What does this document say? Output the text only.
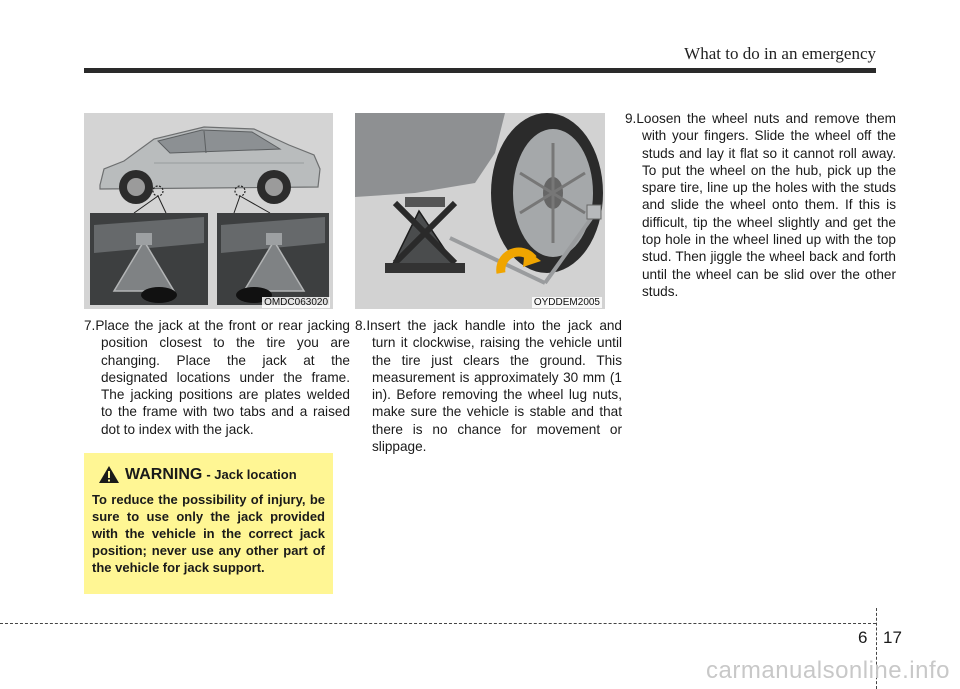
What to do in an emergency
OMDC063020	OYDDEM2005
7.Place the jack at the front or rear jacking position closest to the tire you are changing. Place the jack at the designated locations under the frame. The jacking positions are plates welded to the frame with two tabs and a raised dot to index with the jack.
8.Insert the jack handle into the jack and turn it clockwise, raising the vehicle until the tire just clears the ground. This measurement is approximately 30 mm (1 in). Before removing the wheel lug nuts, make sure the vehicle is stable and that there is no chance for movement or slippage.
9.Loosen the wheel nuts and remove them with your fingers. Slide the wheel off the studs and lay it flat so it cannot roll away. To put the wheel on the hub, pick up the spare tire, line up the holes with the studs and slide the wheel onto them. If this is difficult, tip the wheel slightly and get the top hole in the wheel lined up with the top stud. Then jiggle the wheel back and forth until the wheel can be slid over the other studs.
WARNING - Jack location
To reduce the possibility of injury, be sure to use only the jack provided with the vehicle in the correct jack position; never use any other part of the vehicle for jack support.
6 17
carmanualsonline.info
